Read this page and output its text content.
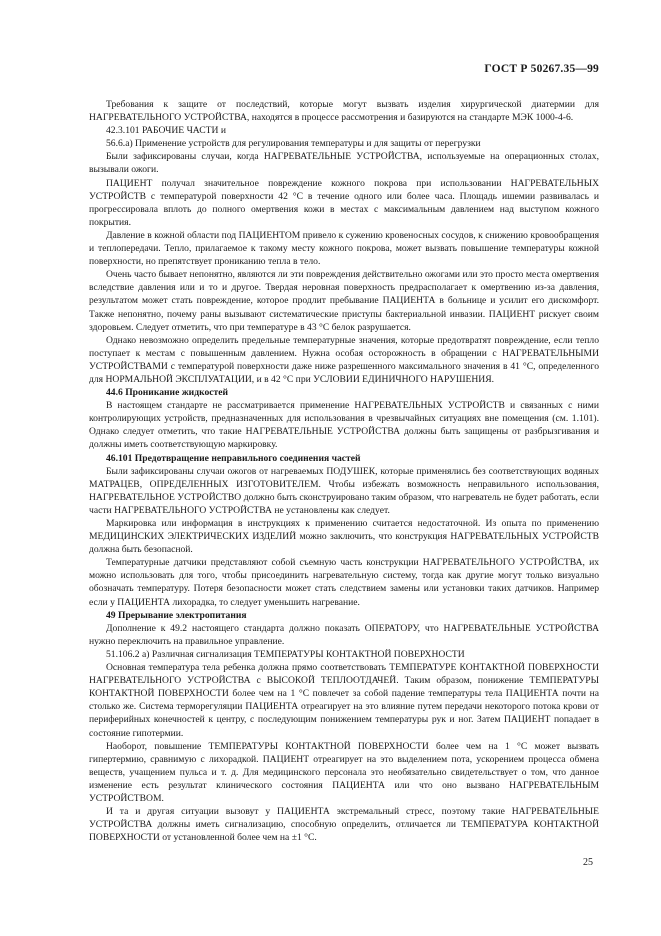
ГОСТ Р 50267.35—99

Требования к защите от последствий, которые могут вызвать изделия хирургической диатермии для НАГРЕВАТЕЛЬНОГО УСТРОЙСТВА, находятся в процессе рассмотрения и базируются на стандарте МЭК 1000-4-6.

42.3.101 РАБОЧИЕ ЧАСТИ и

56.6.а) Применение устройств для регулирования температуры и для защиты от перегрузки

Были зафиксированы случаи, когда НАГРЕВАТЕЛЬНЫЕ УСТРОЙСТВА, используемые на операционных столах, вызывали ожоги.

ПАЦИЕНТ получал значительное повреждение кожного покрова при использовании НАГРЕВАТЕЛЬНЫХ УСТРОЙСТВ с температурой поверхности 42 °С в течение одного или более часа. Площадь ишемии развивалась и прогрессировала вплоть до полного омертвения кожи в местах с максимальным давлением над выступом кожного покрытия.

Давление в кожной области под ПАЦИЕНТОМ привело к сужению кровеносных сосудов, к снижению кровообращения и теплопередачи. Тепло, прилагаемое к такому месту кожного покрова, может вызвать повышение температуры кожной поверхности, но препятствует прониканию тепла в тело.

Очень часто бывает непонятно, являются ли эти повреждения действительно ожогами или это просто места омертвения вследствие давления или и то и другое. Твердая неровная поверхность предрасполагает к омертвению из-за давления, результатом может стать повреждение, которое продлит пребывание ПАЦИЕНТА в больнице и усилит его дискомфорт. Также непонятно, почему раны вызывают систематические приступы бактериальной инвазии. ПАЦИЕНТ рискует своим здоровьем. Следует отметить, что при температуре в 43 °С белок разрушается.

Однако невозможно определить предельные температурные значения, которые предотвратят повреждение, если тепло поступает к местам с повышенным давлением. Нужна особая осторожность в обращении с НАГРЕВАТЕЛЬНЫМИ УСТРОЙСТВАМИ с температурой поверхности даже ниже разрешенного максимального значения в 41 °С, определенного для НОРМАЛЬНОЙ ЭКСПЛУАТАЦИИ, и в 42 °С при УСЛОВИИ ЕДИНИЧНОГО НАРУШЕНИЯ.

44.6 Проникание жидкостей

В настоящем стандарте не рассматривается применение НАГРЕВАТЕЛЬНЫХ УСТРОЙСТВ и связанных с ними контролирующих устройств, предназначенных для использования в чрезвычайных ситуациях вне помещения (см. 1.101). Однако следует отметить, что такие НАГРЕВАТЕЛЬНЫЕ УСТРОЙСТВА должны быть защищены от разбрызгивания и должны иметь соответствующую маркировку.

46.101 Предотвращение неправильного соединения частей

Были зафиксированы случаи ожогов от нагреваемых ПОДУШЕК, которые применялись без соответствующих водяных МАТРАЦЕВ, ОПРЕДЕЛЕННЫХ ИЗГОТОВИТЕЛЕМ. Чтобы избежать возможность неправильного использования, НАГРЕВАТЕЛЬНОЕ УСТРОЙСТВО должно быть сконструировано таким образом, что нагреватель не будет работать, если части НАГРЕВАТЕЛЬНОГО УСТРОЙСТВА не установлены как следует.

Маркировка или информация в инструкциях к применению считается недостаточной. Из опыта по применению МЕДИЦИНСКИХ ЭЛЕКТРИЧЕСКИХ ИЗДЕЛИЙ можно заключить, что конструкция НАГРЕВАТЕЛЬНЫХ УСТРОЙСТВ должна быть безопасной.

Температурные датчики представляют собой съемную часть конструкции НАГРЕВАТЕЛЬНОГО УСТРОЙСТВА, их можно использовать для того, чтобы присоединить нагревательную систему, тогда как другие могут только визуально обозначать температуру. Потеря безопасности может стать следствием замены или установки таких датчиков. Например если у ПАЦИЕНТА лихорадка, то следует уменьшить нагревание.

49 Прерывание электропитания

Дополнение к 49.2 настоящего стандарта должно показать ОПЕРАТОРУ, что НАГРЕВАТЕЛЬНЫЕ УСТРОЙСТВА нужно переключить на правильное управление.

51.106.2 а) Различная сигнализация ТЕМПЕРАТУРЫ КОНТАКТНОЙ ПОВЕРХНОСТИ

Основная температура тела ребенка должна прямо соответствовать ТЕМПЕРАТУРЕ КОНТАКТНОЙ ПОВЕРХНОСТИ НАГРЕВАТЕЛЬНОГО УСТРОЙСТВА с ВЫСОКОЙ ТЕПЛООТДАЧЕЙ. Таким образом, понижение ТЕМПЕРАТУРЫ КОНТАКТНОЙ ПОВЕРХНОСТИ более чем на 1 °С повлечет за собой падение температуры тела ПАЦИЕНТА почти на столько же. Система терморегуляции ПАЦИЕНТА отреагирует на это влияние путем передачи некоторого потока крови от периферийных конечностей к центру, с последующим понижением температуры рук и ног. Затем ПАЦИЕНТ попадает в состояние гипотермии.

Наоборот, повышение ТЕМПЕРАТУРЫ КОНТАКТНОЙ ПОВЕРХНОСТИ более чем на 1 °С может вызвать гипертермию, сравнимую с лихорадкой. ПАЦИЕНТ отреагирует на это выделением пота, ускорением процесса обмена веществ, учащением пульса и т. д. Для медицинского персонала это необязательно свидетельствует о том, что данное изменение есть результат клинического состояния ПАЦИЕНТА или что оно вызвано НАГРЕВАТЕЛЬНЫМ УСТРОЙСТВОМ.

И та и другая ситуации вызовут у ПАЦИЕНТА экстремальный стресс, поэтому такие НАГРЕВАТЕЛЬНЫЕ УСТРОЙСТВА должны иметь сигнализацию, способную определить, отличается ли ТЕМПЕРАТУРА КОНТАКТНОЙ ПОВЕРХНОСТИ от установленной более чем на ±1 °С.

25
